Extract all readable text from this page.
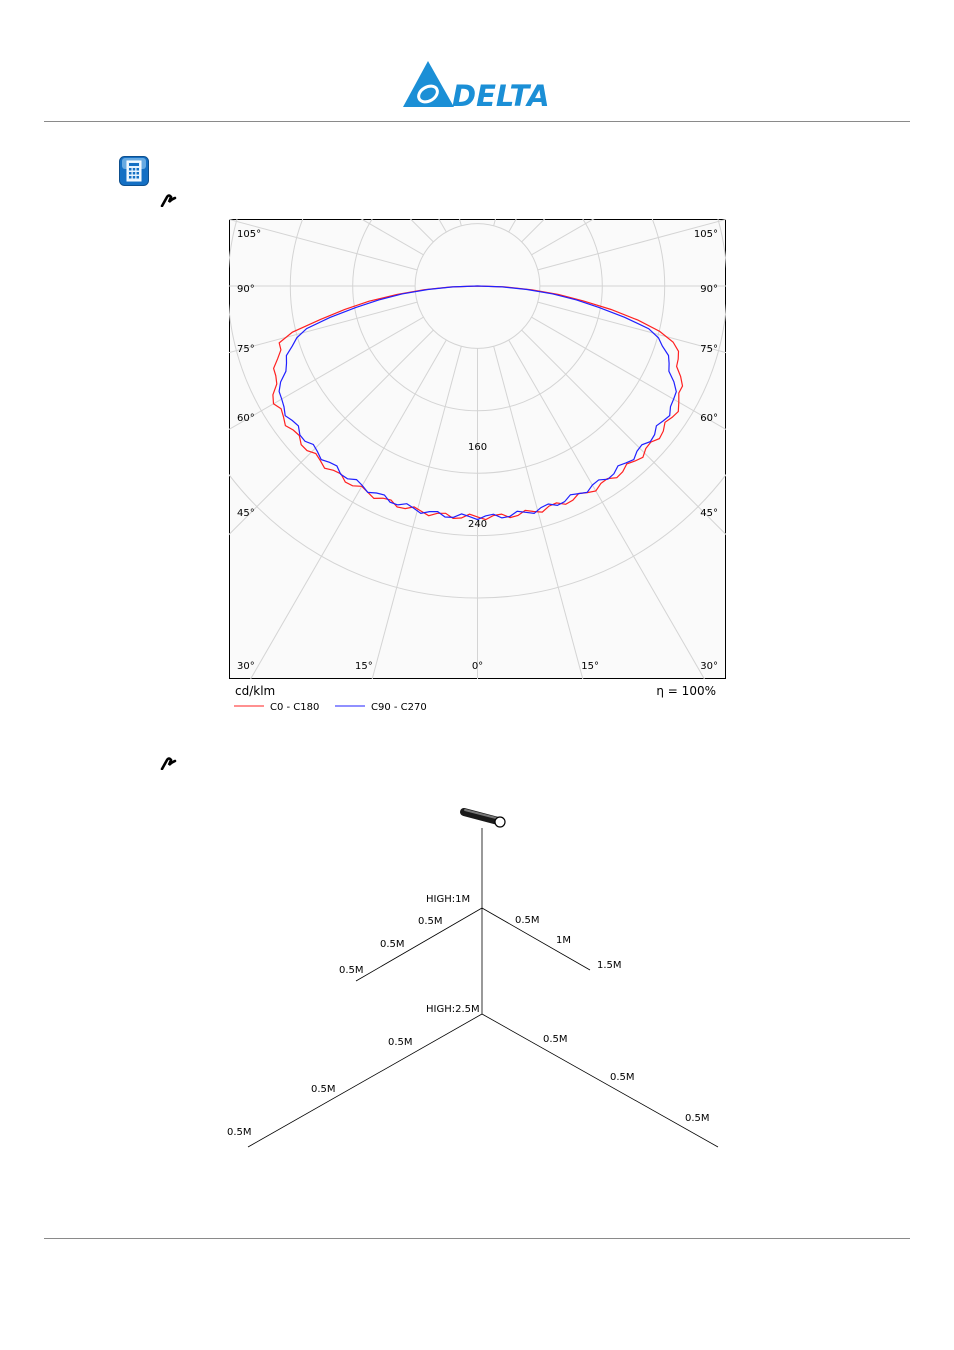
DELTA
105°
90°
75°
60°
45°
30°	15°
105°
90°
75°
60°
45°
30°
15°
0°
160
240
cd/klm	η = 100%
C0 - C180	C90 - C270
HIGH:1M
HIGH:2.5M
0.5M
0.5M
0.5M
0.5M
1M
1.5M
0.5M
0.5M
0.5M
0.5M
0.5M
0.5M
